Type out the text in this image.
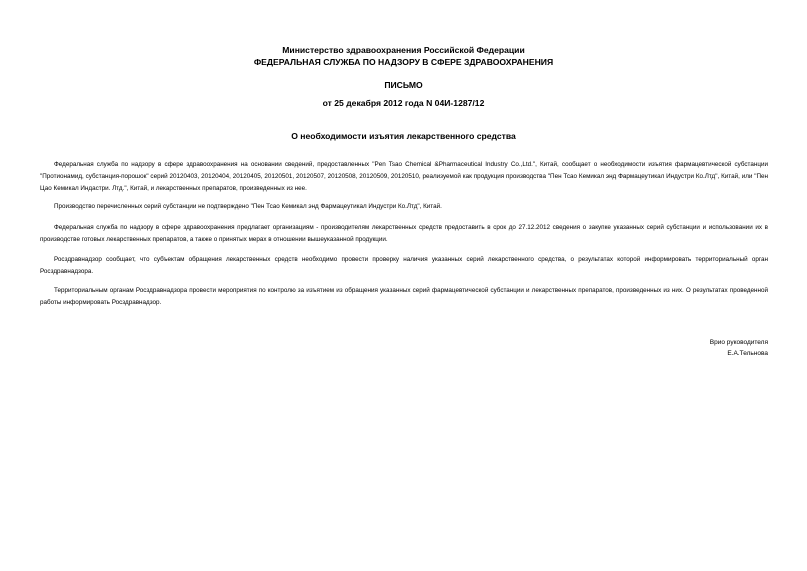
Министерство здравоохранения Российской Федерации
ФЕДЕРАЛЬНАЯ СЛУЖБА ПО НАДЗОРУ В СФЕРЕ ЗДРАВООХРАНЕНИЯ
ПИСЬМО
от 25 декабря 2012 года N 04И-1287/12
О необходимости изъятия лекарственного средства
Федеральная служба по надзору в сфере здравоохранения на основании сведений, предоставленных "Pen Tsao Chemical &Pharmaceutical Industry Co.,Ltd.", Китай, сообщает о необходимости изъятия фармацевтической субстанции "Протионамид, субстанция-порошок" серий 20120403, 20120404, 20120405, 20120501, 20120507, 20120508, 20120509, 20120510, реализуемой как продукция производства "Пен Тсао Кемикал энд Фармацеутикал Индустри Ко.Лтд", Китай, или "Пен Цао Кемикал Индастри. Лтд.", Китай, и лекарственных препаратов, произведенных из нее.
Производство перечисленных серий субстанции не подтверждено "Пен Тсао Кемикал энд Фармацеутикал Индустри Ко.Лтд", Китай.
Федеральная служба по надзору в сфере здравоохранения предлагает организациям - производителям лекарственных средств предоставить в срок до 27.12.2012 сведения о закупке указанных серий субстанции и использовании их в производстве готовых лекарственных препаратов, а также о принятых мерах в отношении вышеуказанной продукции.
Росздравнадзор сообщает, что субъектам обращения лекарственных средств необходимо провести проверку наличия указанных серий лекарственного средства, о результатах которой информировать территориальный орган Росздравнадзора.
Территориальным органам Росздравнадзора провести мероприятия по контролю за изъятием из обращения указанных серий фармацевтической субстанции и лекарственных препаратов, произведенных из них. О результатах проведенной работы информировать Росздравнадзор.
Врио руководителя
Е.А.Тельнова
